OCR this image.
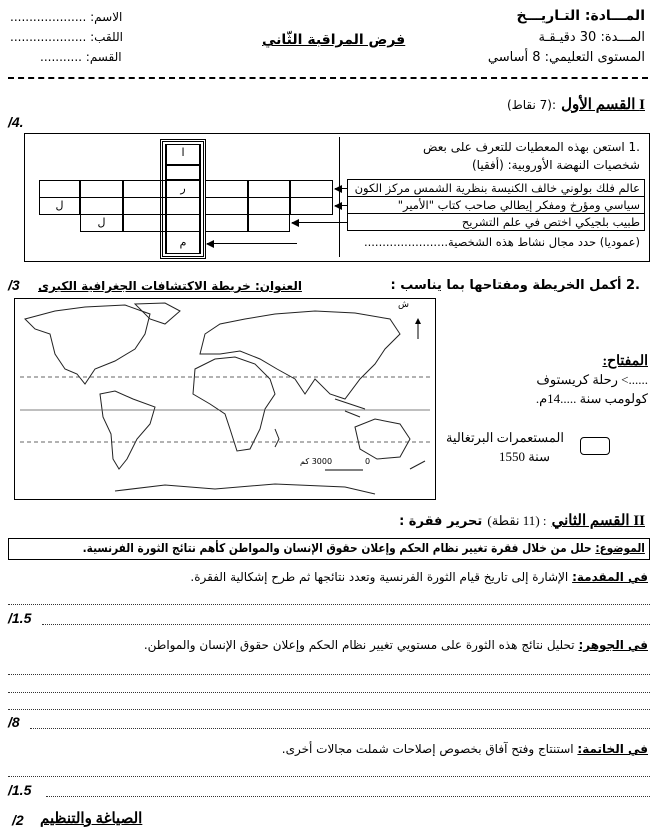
المـــادة: التـاريـــخ
المـــدة: 30 دقيـقـة
المستوى التعليمي: 8 أساسي
فرض المراقبة الثّاني
الاسم: ....................
اللقب: ....................
القسم: ...........
I القسم الأول :(7 نقاط)
/4.
.1 استعن بهذه المعطيات للتعرف على بعض
شخصيات النهضة الأوروبية: (أفقيا)
ا
ر
ل
ل
م
عالم فلك بولوني خالف الكنيسة بنظرية الشمس مركز الكون
سياسي ومؤرخ ومفكر إيطالي صاحب كتاب "الأمير"
طبيب بلجيكي اختص في علم التشريح
(عموديا) حدد مجال نشاط هذه الشخصية.......................
.2 أكمل الخريطة ومفتاحها بما يناسب :
العنوان: خريطة الاكتشافات الجغرافية الكبرى
/3
ش
3000 كم	0
المفتاح:
......> رحلة كريستوف
كولومب سنة .....14م.
المستعمرات البرتغالية
سنة 1550
II القسم الثاني : (11 نقطة) تحرير فقرة :
الموضوع: حلل من خلال فقرة تغيير نظام الحكم وإعلان حقوق الإنسان والمواطن كأهم نتائج الثورة الفرنسية.
في المقدمة: الإشارة إلى تاريخ قيام الثورة الفرنسية وتعدد نتائجها ثم طرح إشكالية الفقرة.
/1.5
في الجوهر: تحليل نتائج هذه الثورة على مستويي تغيير نظام الحكم وإعلان حقوق الإنسان والمواطن.
/8
في الخاتمة: استنتاج وفتح آفاق بخصوص إصلاحات شملت مجالات أخرى.
/1.5
/2 الصياغة والتنظيم
